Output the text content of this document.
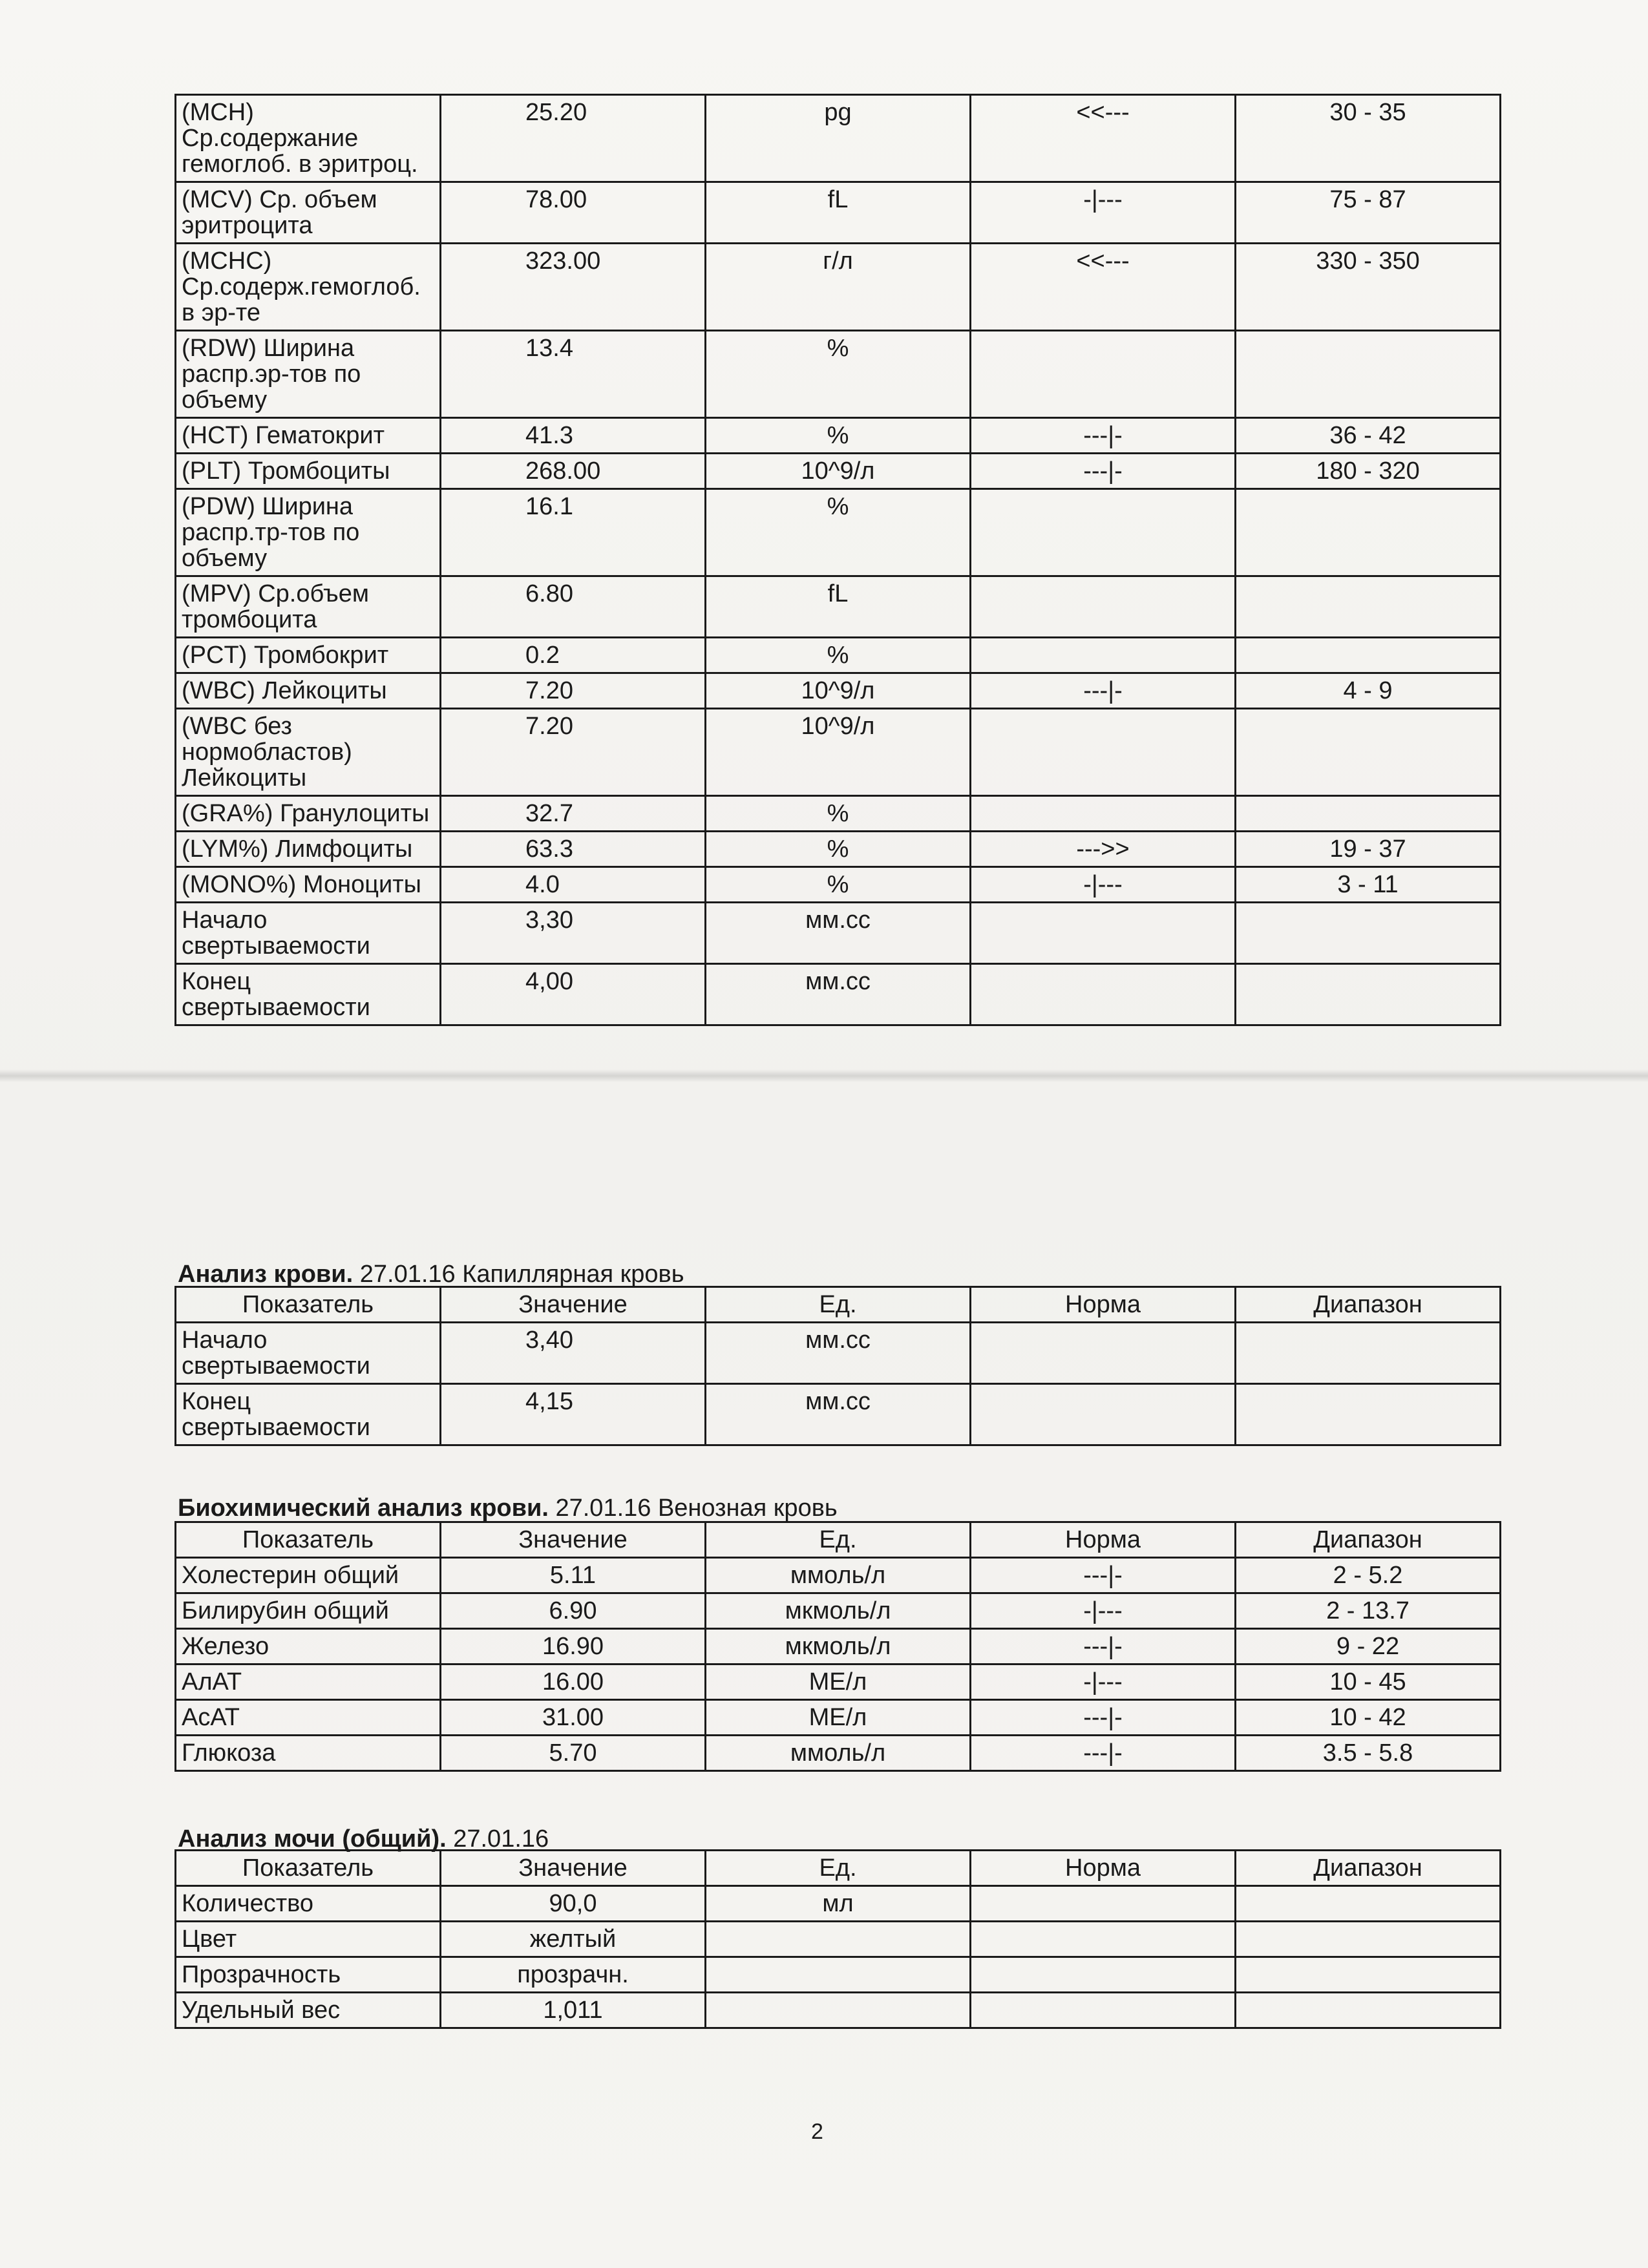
(MCH) Ср.содержание гемоглоб. в эритроц.	25.20	pg	<<---	30 - 35
(MCV) Ср. объем эритроцита	78.00	fL	-|---	75 - 87
(MCHC) Ср.содерж.гемоглоб. в эр-те	323.00	г/л	<<---	330 - 350
(RDW) Ширина распр.эр-тов по объему	13.4	%		
(HCT) Гематокрит	41.3	%	---|-	36 - 42
(PLT) Тромбоциты	268.00	10^9/л	---|-	180 - 320
(PDW) Ширина распр.тр-тов по объему	16.1	%		
(MPV) Ср.объем тромбоцита	6.80	fL		
(PCT) Тромбокрит	0.2	%		
(WBC) Лейкоциты	7.20	10^9/л	---|-	4 - 9
(WBC без нормобластов) Лейкоциты	7.20	10^9/л		
(GRA%) Гранулоциты	32.7	%		
(LYM%) Лимфоциты	63.3	%	--->>	19 - 37
(MONO%) Моноциты	4.0	%	-|---	3 - 11
Начало свертываемости	3,30	мм.сс		
Конец свертываемости	4,00	мм.сс		
Анализ крови. 27.01.16 Капиллярная кровь
Показатель	Значение	Ед.	Норма	Диапазон
Начало свертываемости	3,40	мм.сс		
Конец свертываемости	4,15	мм.сс		
Биохимический анализ крови. 27.01.16 Венозная кровь
Показатель	Значение	Ед.	Норма	Диапазон
Холестерин общий	5.11	ммоль/л	---|-	2 - 5.2
Билирубин общий	6.90	мкмоль/л	-|---	2 - 13.7
Железо	16.90	мкмоль/л	---|-	9 - 22
АлАТ	16.00	МЕ/л	-|---	10 - 45
АсАТ	31.00	МЕ/л	---|-	10 - 42
Глюкоза	5.70	ммоль/л	---|-	3.5 - 5.8
Анализ мочи (общий). 27.01.16
Показатель	Значение	Ед.	Норма	Диапазон
Количество	90,0	мл		
Цвет	желтый			
Прозрачность	прозрачн.			
Удельный вес	1,011			
2
